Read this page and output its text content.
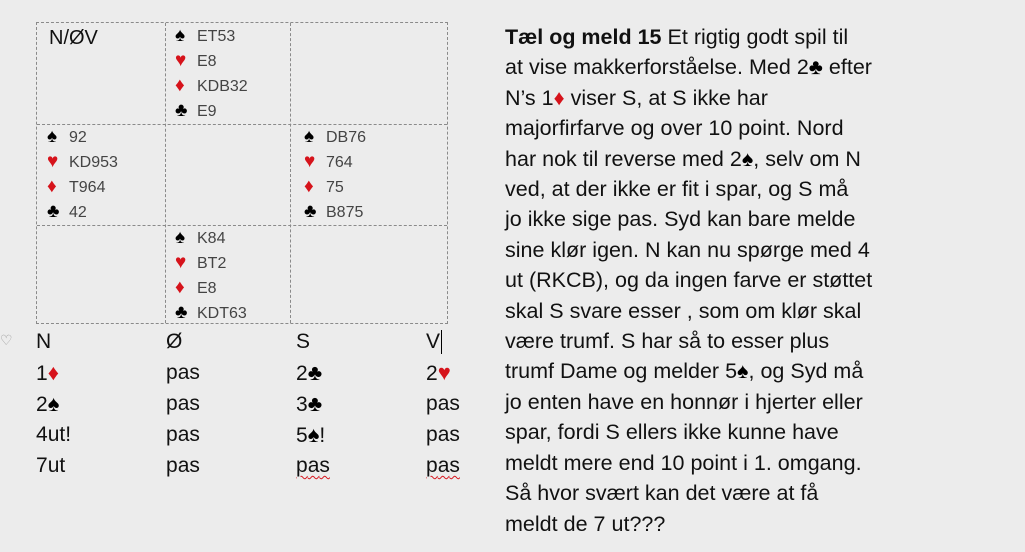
♡
N/ØV	♠ ET53
♥ E8
♦ KDB32
♣ E9
♠ 92
♥ KD953
♦ T964
♣ 42
♠ DB76
♥ 764
♦ 75
♣ B875
♠ K84
♥ BT2
♦ E8
♣ KDT63
N	Ø	S	V
1♦	pas	2♣	2♥
2♠	pas	3♣	pas
4ut!	pas	5♠!	pas
7ut	pas	pas	pas
Tæl og meld 15 Et rigtig godt spil til
at vise makkerforståelse. Med 2♣ efter
N’s 1♦ viser S, at S ikke har
majorfirfarve og over 10 point. Nord
har nok til reverse med 2♠, selv om N
ved, at der ikke er fit i spar, og S må
jo ikke sige pas. Syd kan bare melde
sine klør igen. N kan nu spørge med 4
ut (RKCB), og da ingen farve er støttet
skal S svare esser , som om klør skal
være trumf. S har så to esser plus
trumf Dame og melder 5♠, og Syd må
jo enten have en honnør i hjerter eller
spar, fordi S ellers ikke kunne have
meldt mere end 10 point i 1. omgang.
Så hvor svært kan det være at få
meldt de 7 ut???
